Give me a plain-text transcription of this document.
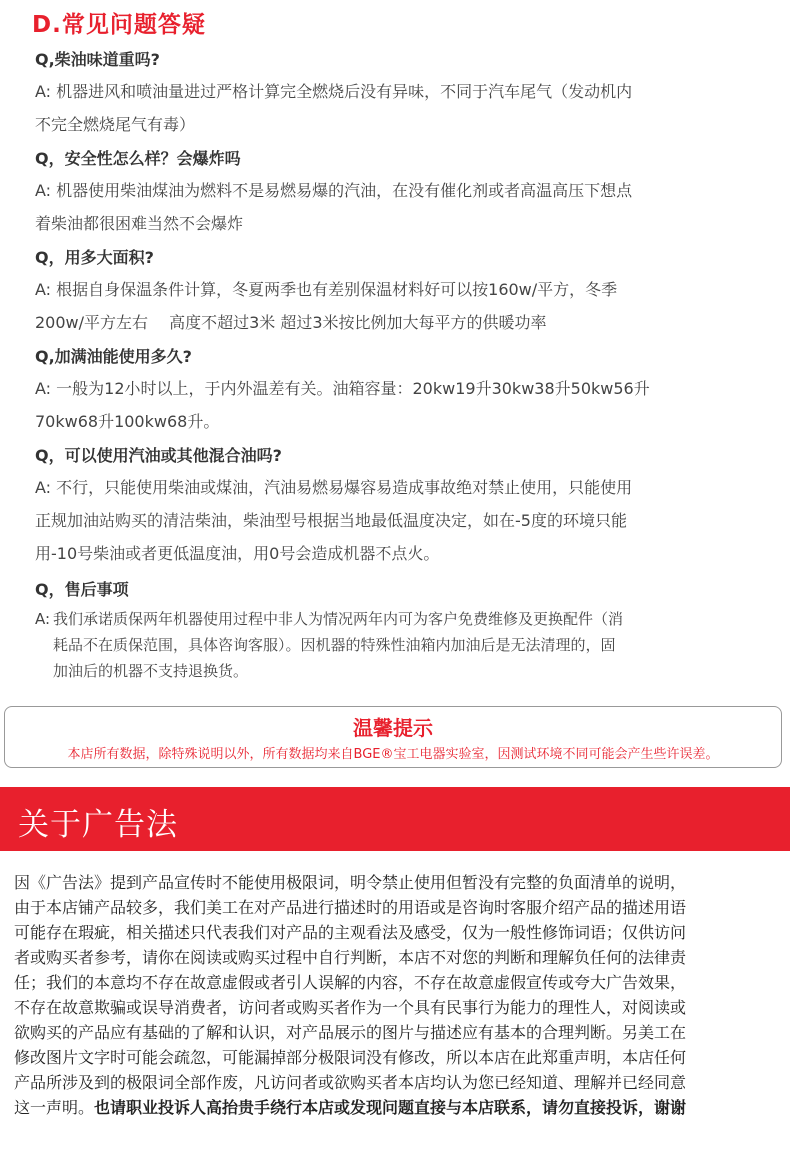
D.常见问题答疑

Q,柴油味道重吗?

A: 机器进风和喷油量进过严格计算完全燃烧后没有异味，不同于汽车尾气（发动机内
不完全燃烧尾气有毒）

Q，安全性怎么样？会爆炸吗

A: 机器使用柴油煤油为燃料不是易燃易爆的汽油，在没有催化剂或者高温高压下想点
着柴油都很困难当然不会爆炸

Q，用多大面积?

A: 根据自身保温条件计算，冬夏两季也有差别保温材料好可以按160w/平方，冬季
200w/平方左右　 高度不超过3米 超过3米按比例加大每平方的供暖功率

Q,加满油能使用多久?

A: 一般为12小时以上，于内外温差有关。油箱容量：20kw19升30kw38升50kw56升
70kw68升100kw68升。

Q，可以使用汽油或其他混合油吗?

A: 不行，只能使用柴油或煤油，汽油易燃易爆容易造成事故绝对禁止使用，只能使用
正规加油站购买的清洁柴油，柴油型号根据当地最低温度决定，如在-5度的环境只能
用-10号柴油或者更低温度油，用0号会造成机器不点火。

Q，售后事项

A: 我们承诺质保两年机器使用过程中非人为情况两年内可为客户免费维修及更换配件（消
耗品不在质保范围，具体咨询客服）。因机器的特殊性油箱内加油后是无法清理的，固
加油后的机器不支持退换货。

温馨提示

本店所有数据，除特殊说明以外，所有数据均来自BGE®宝工电器实验室，因测试环境不同可能会产生些许误差。

关于广告法
因《广告法》提到产品宣传时不能使用极限词，明令禁止使用但暂没有完整的负面清单的说明，
由于本店铺产品较多，我们美工在对产品进行描述时的用语或是咨询时客服介绍产品的描述用语
可能存在瑕疵，相关描述只代表我们对产品的主观看法及感受，仅为一般性修饰词语；仅供访问
者或购买者参考，请你在阅读或购买过程中自行判断，本店不对您的判断和理解负任何的法律责
任；我们的本意均不存在故意虚假或者引人误解的内容，不存在故意虚假宣传或夸大广告效果，
不存在故意欺骗或误导消费者，访问者或购买者作为一个具有民事行为能力的理性人，对阅读或
欲购买的产品应有基础的了解和认识，对产品展示的图片与描述应有基本的合理判断。另美工在
修改图片文字时可能会疏忽，可能漏掉部分极限词没有修改，所以本店在此郑重声明，本店任何
产品所涉及到的极限词全部作废，凡访问者或欲购买者本店均认为您已经知道、理解并已经同意
这一声明。也请职业投诉人高抬贵手绕行本店或发现问题直接与本店联系，请勿直接投诉，谢谢
